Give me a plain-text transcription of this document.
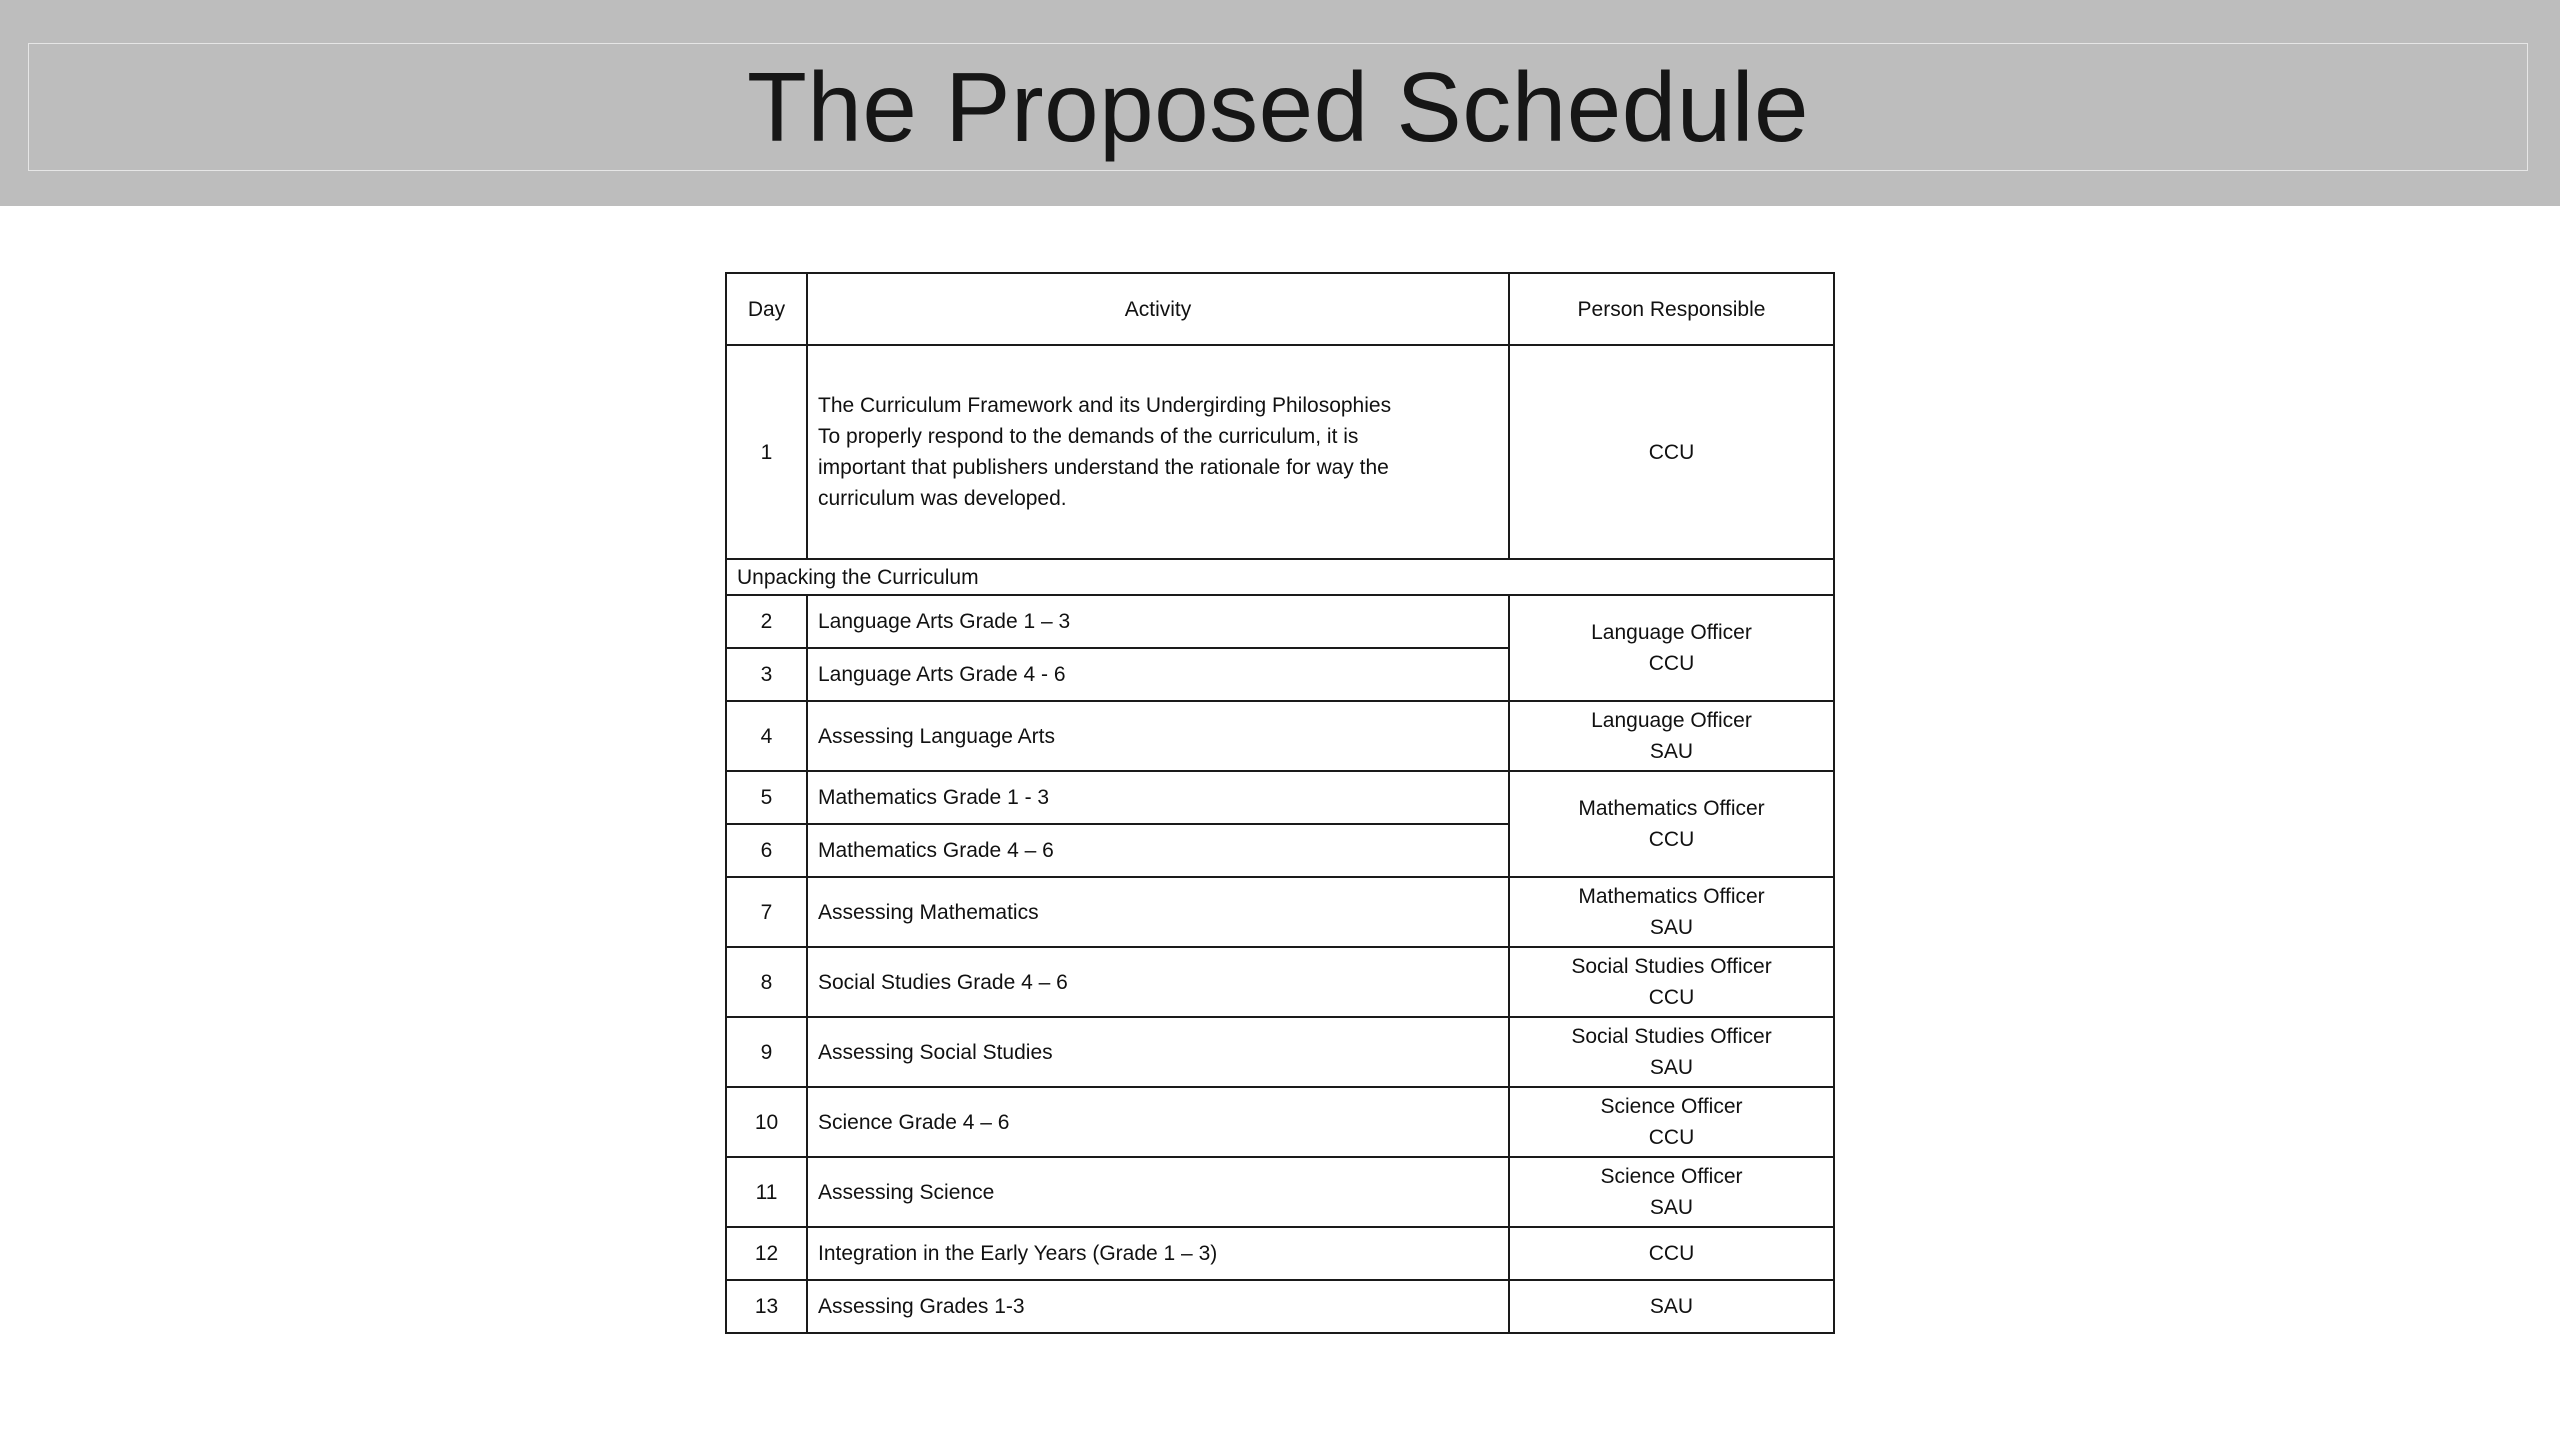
The Proposed Schedule
Day	Activity	Person Responsible
1	The Curriculum Framework and its Undergirding Philosophies
To properly respond to the demands of the curriculum, it is
important that publishers understand the rationale for way the
curriculum was developed.	CCU
Unpacking the Curriculum		
2	Language Arts Grade 1 – 3	Language Officer
CCU

3	Language Arts Grade 4 - 6	
4	Assessing Language Arts	Language Officer
SAU

5	Mathematics Grade 1 - 3	Mathematics Officer
CCU

6	Mathematics Grade 4 – 6	
7	Assessing Mathematics	Mathematics Officer
SAU

8	Social Studies Grade 4 – 6	Social Studies Officer
CCU

9	Assessing Social Studies	Social Studies Officer
SAU

10	Science Grade 4 – 6	Science Officer
CCU

11	Assessing Science	Science Officer
SAU

12	Integration in the Early Years (Grade 1 – 3)	CCU
13	Assessing Grades 1-3	SAU
